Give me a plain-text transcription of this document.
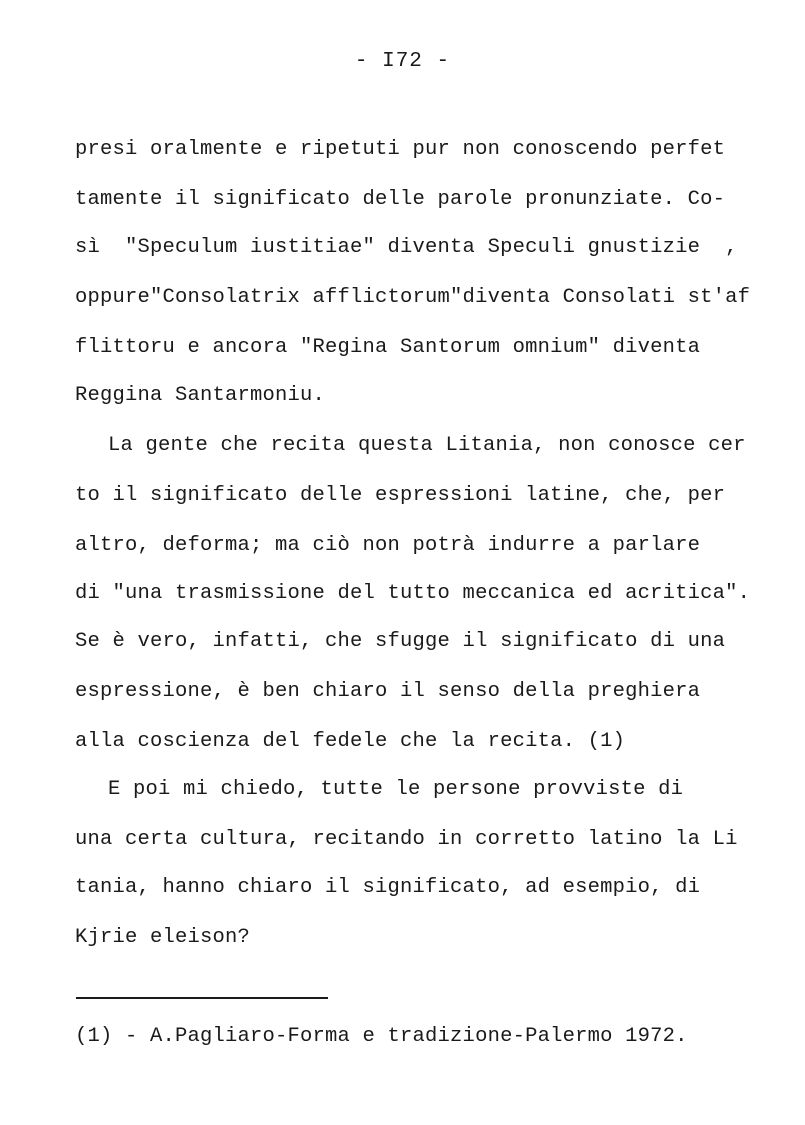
- I72 -
presi oralmente e ripetuti pur non conoscendo perfet
tamente il significato delle parole pronunziate. Co-
sì  "Speculum iustitiae" diventa Speculi gnustizie  ,
oppure"Consolatrix afflictorum"diventa Consolati st'af
flittoru e ancora "Regina Santorum omnium" diventa
Reggina Santarmoniu.
La gente che recita questa Litania, non conosce cer
to il significato delle espressioni latine, che, per
altro, deforma; ma ciò non potrà indurre a parlare
di "una trasmissione del tutto meccanica ed acritica".
Se è vero, infatti, che sfugge il significato di una
espressione, è ben chiaro il senso della preghiera
alla coscienza del fedele che la recita. (1)
E poi mi chiedo, tutte le persone provviste di
una certa cultura, recitando in corretto latino la Li
tania, hanno chiaro il significato, ad esempio, di
Kjrie eleison?
(1) - A.Pagliaro-Forma e tradizione-Palermo 1972.
